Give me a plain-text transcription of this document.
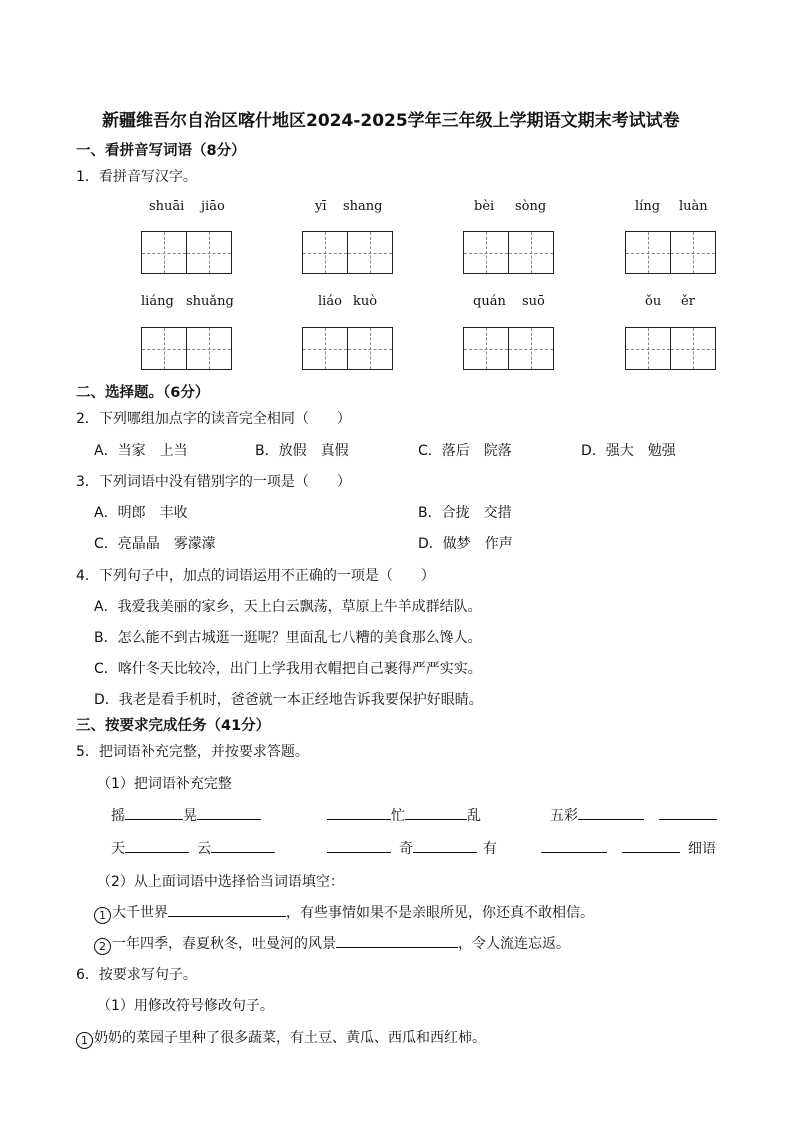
新疆维吾尔自治区喀什地区2024-2025学年三年级上学期语文期末考试试卷
一、看拼音写词语（8分）
1．看拼音写汉字。
shuāi jiāo	yī shang	bèi sòng	líng luàn
liáng shuǎng	liáo kuò	quán suō	ǒu ěr
二、选择题。（6分）
2．下列哪组加点字的读音完全相同（　　）
A．当家　上当	B．放假　真假	C．落后　院落	D．强大　勉强
3．下列词语中没有错别字的一项是（　　）
A．明郎　丰收	B．合拢　交措
C．亮晶晶　雾濛濛	D．做梦　作声
4．下列句子中，加点的词语运用不正确的一项是（　　）
A．我爱我美丽的家乡，天上白云飘荡，草原上牛羊成群结队。
B．怎么能不到古城逛一逛呢？里面乱七八糟的美食那么馋人。
C．喀什冬天比较冷，出门上学我用衣帽把自己裹得严严实实。
D．我老是看手机时，爸爸就一本正经地告诉我要保护好眼睛。
三、按要求完成任务（41分）
5．把词语补充完整，并按要求答题。
（1）把词语补充完整
摇	晃	忙	乱	五彩
天	云	奇	有	细语
（2）从上面词语中选择恰当词语填空：
1 大千世界	，有些事情如果不是亲眼所见，你还真不敢相信。
2 一年四季，春夏秋冬，吐曼河的风景	，令人流连忘返。
6．按要求写句子。
（1）用修改符号修改句子。
1 奶奶的菜园子里种了很多蔬菜，有土豆、黄瓜、西瓜和西红柿。
